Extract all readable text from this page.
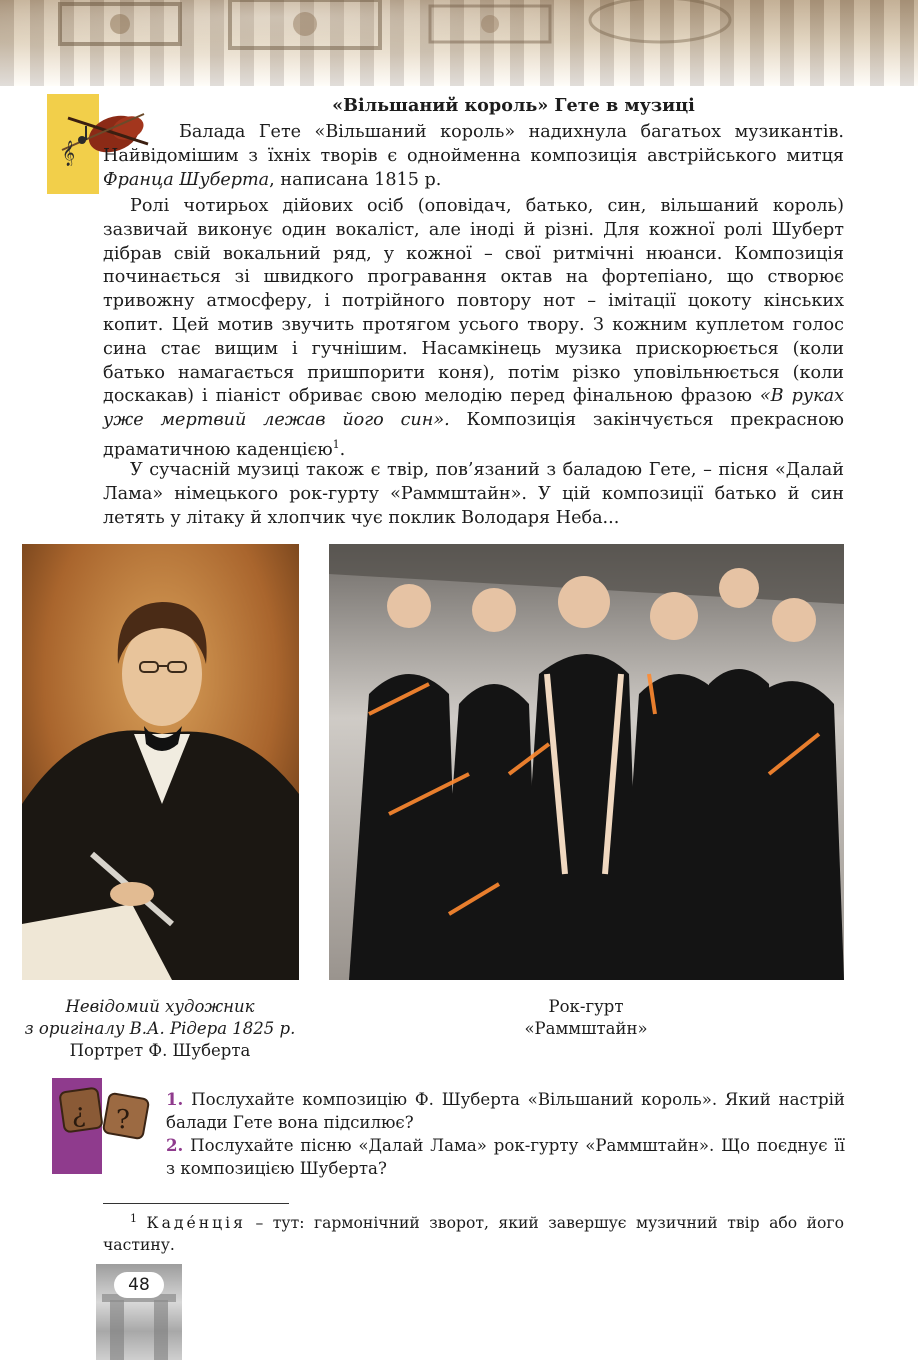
𝄞
«Вільшаний король» Гете в музиці

Балада Гете «Вільшаний король» надихнула багатьох музикантів. Найвідомішим з їхніх творів є однойменна композиція австрійського митця Франца Шуберта, написана 1815 р.

Ролі чотирьох дійових осіб (оповідач, батько, син, вільшаний король) зазвичай виконує один вокаліст, але іноді й різні. Для кожної ролі Шуберт дібрав свій вокальний ряд, у кожної – свої ритмічні нюанси. Композиція починається зі швидкого програвання октав на фортепіано, що створює тривожну атмосферу, і потрійного повтору нот – імітації цокоту кінських копит. Цей мотив звучить протягом усього твору. З кожним куплетом голос сина стає вищим і гучнішим. Насамкінець музика прискорюється (коли батько намагається пришпорити коня), потім різко уповільнюється (коли доскакав) і піаніст обриває свою мелодію перед фінальною фразою «В руках уже мертвий лежав його син». Композиція закінчується прекрасною драматичною каденцією$^1$.

У сучасній музиці також є твір, пов’язаний з баладою Гете, – пісня «Далай Лама» німецького рок-гурту «Раммштайн». У цій композиції батько й син летять у літаку й хлопчик чує поклик Володаря Неба...

Невідомий художник
з оригіналу В.А. Рідера 1825 р.
Портрет Ф. Шуберта
Рок-гурт
«Раммштайн»
¿ ?

1. Послухайте композицію Ф. Шуберта «Вільшаний король». Який настрій балади Гете вона підсилює?

2. Послухайте пісню «Далай Лама» рок-гурту «Раммштайн». Що поєднує її з композицією Шуберта?

$^1$ Каде́нція – тут: гармонічний зворот, який завершує музичний твір або його частину.
48
